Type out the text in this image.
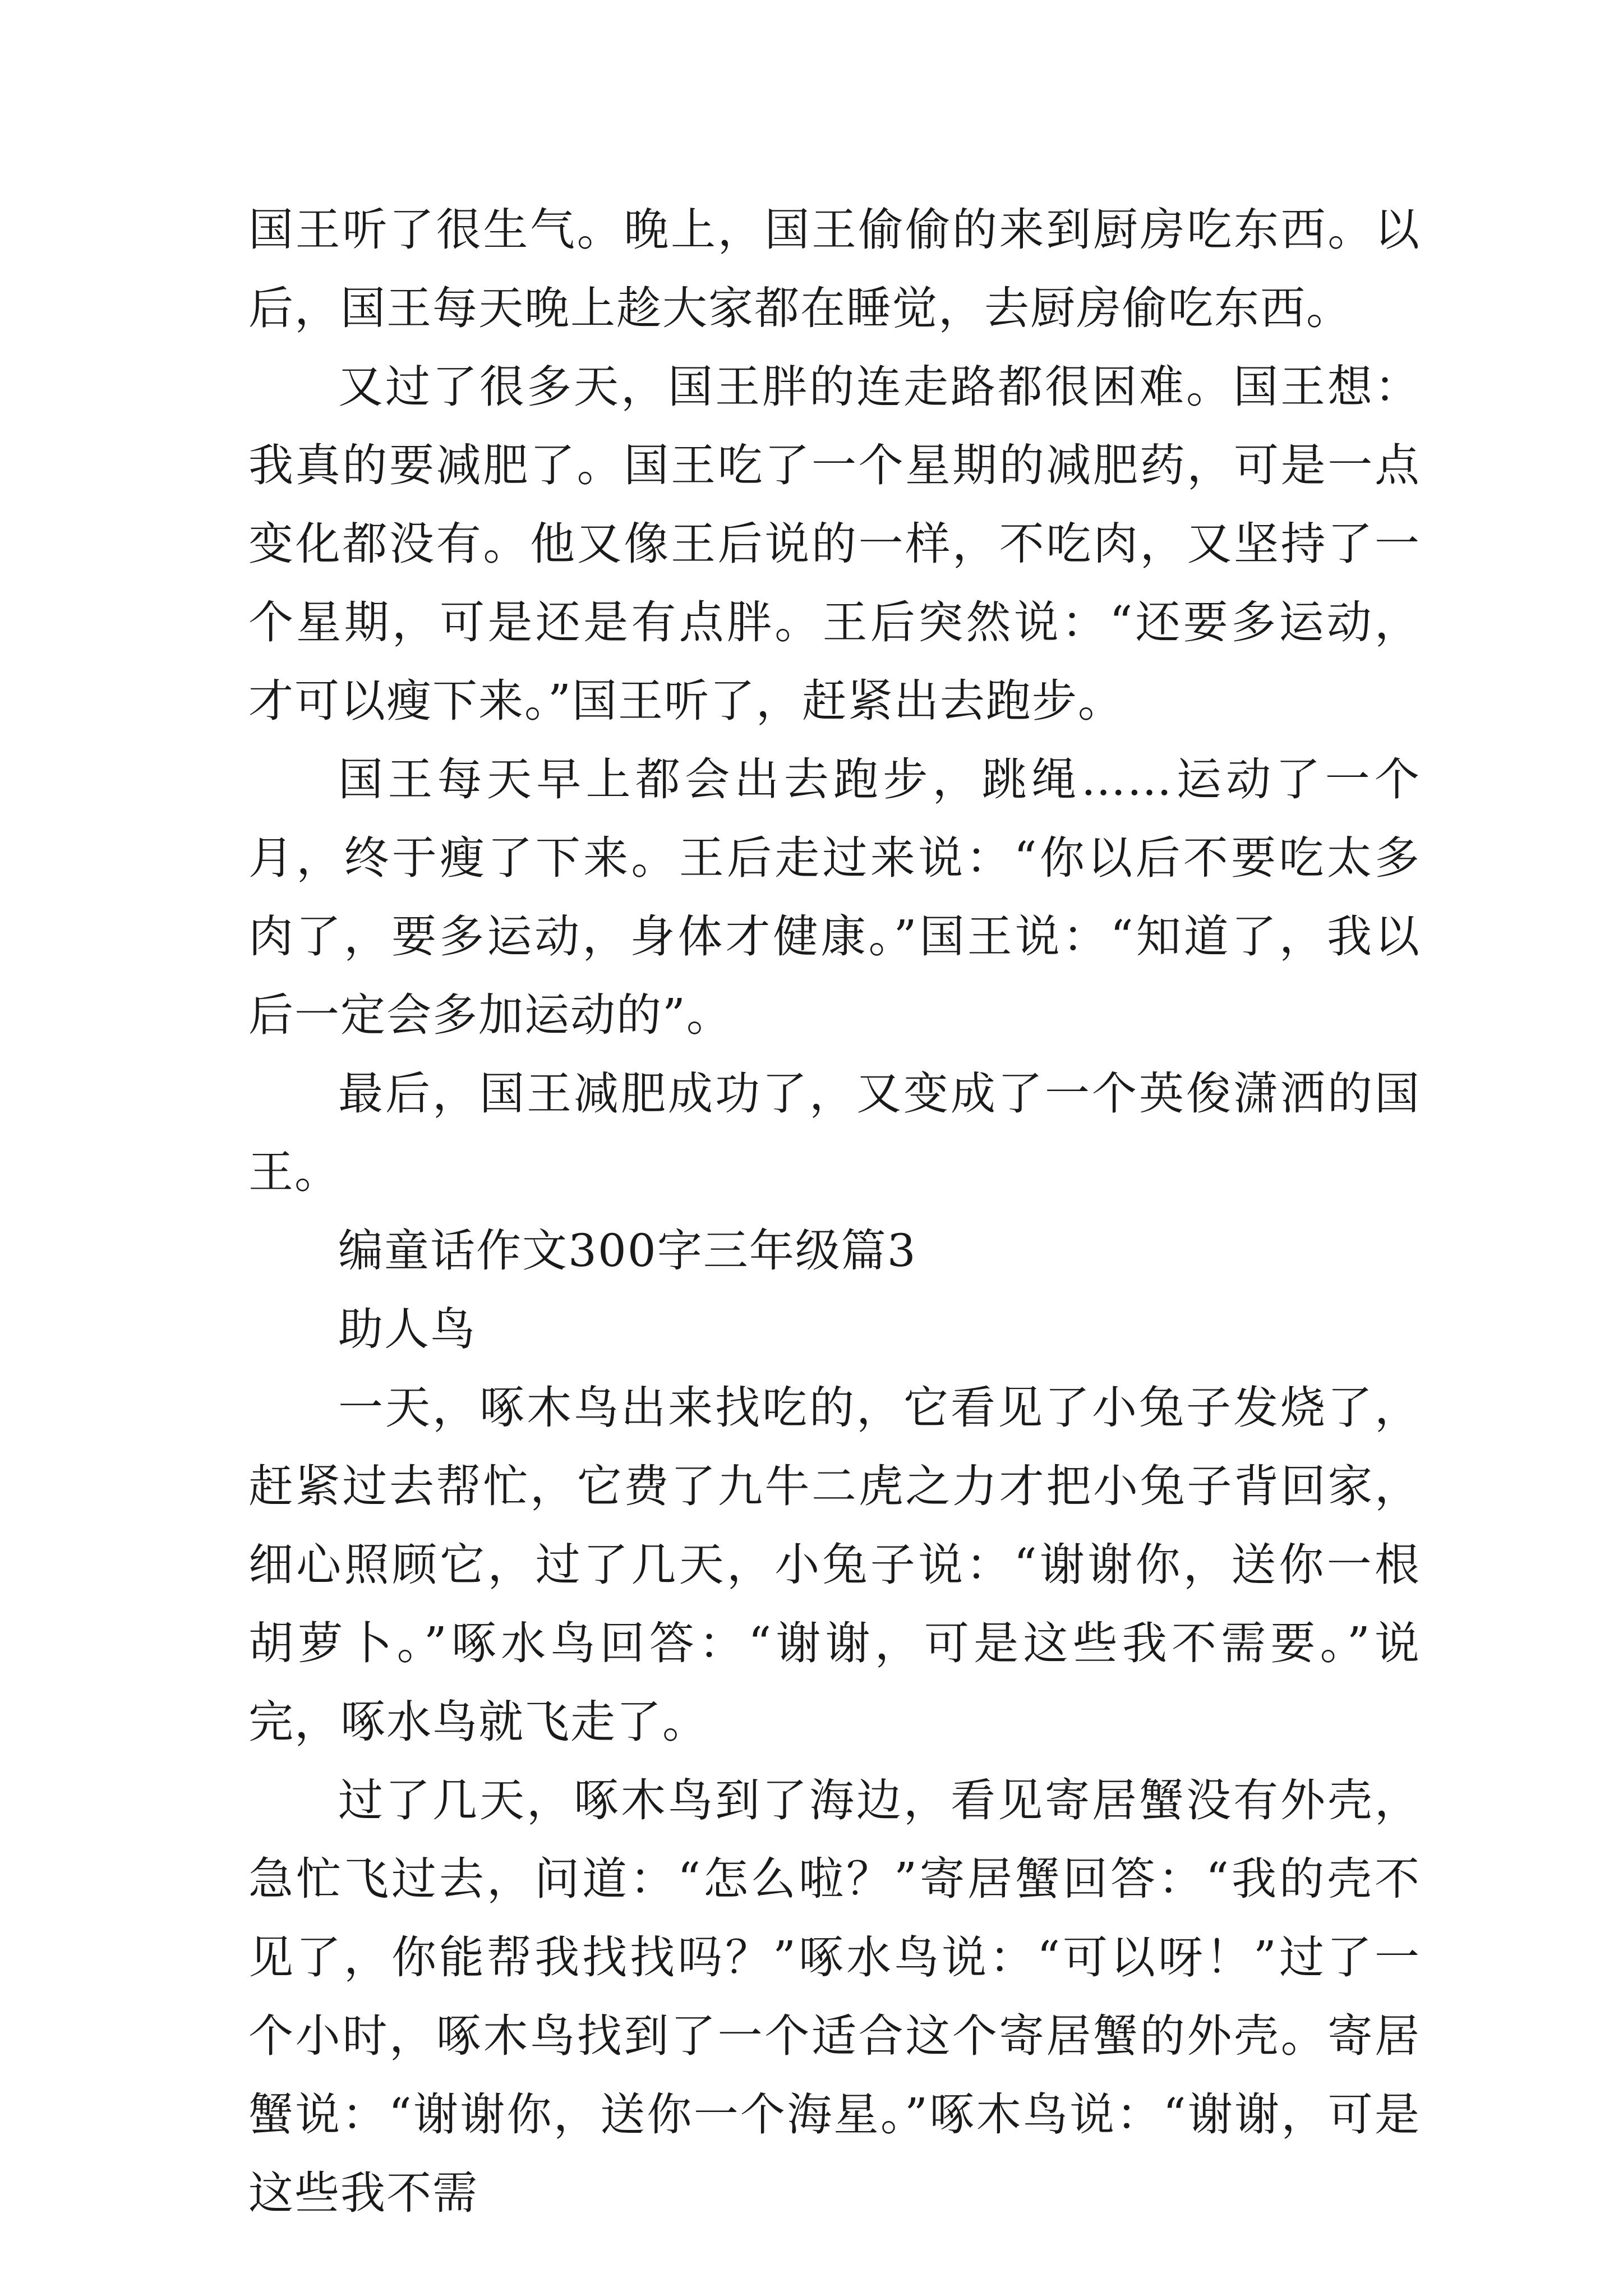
国王听了很生气。晚上，国王偷偷的来到厨房吃东西。以后，国王每天晚上趁大家都在睡觉，去厨房偷吃东西。

又过了很多天，国王胖的连走路都很困难。国王想：我真的要减肥了。国王吃了一个星期的减肥药，可是一点变化都没有。他又像王后说的一样，不吃肉，又坚持了一个星期，可是还是有点胖。王后突然说：“还要多运动，才可以瘦下来。”国王听了，赶紧出去跑步。

国王每天早上都会出去跑步，跳绳……运动了一个月，终于瘦了下来。王后走过来说：“你以后不要吃太多肉了，要多运动，身体才健康。”国王说：“知道了，我以后一定会多加运动的”。

最后，国王减肥成功了，又变成了一个英俊潇洒的国王。

编童话作文300字三年级篇3

助人鸟

一天，啄木鸟出来找吃的，它看见了小兔子发烧了，赶紧过去帮忙，它费了九牛二虎之力才把小兔子背回家，细心照顾它，过了几天，小兔子说：“谢谢你，送你一根胡萝卜。”啄水鸟回答：“谢谢，可是这些我不需要。”说完，啄水鸟就飞走了。

过了几天，啄木鸟到了海边，看见寄居蟹没有外壳，急忙飞过去，问道：“怎么啦？”寄居蟹回答：“我的壳不见了，你能帮我找找吗？”啄水鸟说：“可以呀！”过了一个小时，啄木鸟找到了一个适合这个寄居蟹的外壳。寄居蟹说：“谢谢你，送你一个海星。”啄木鸟说：“谢谢，可是这些我不需
